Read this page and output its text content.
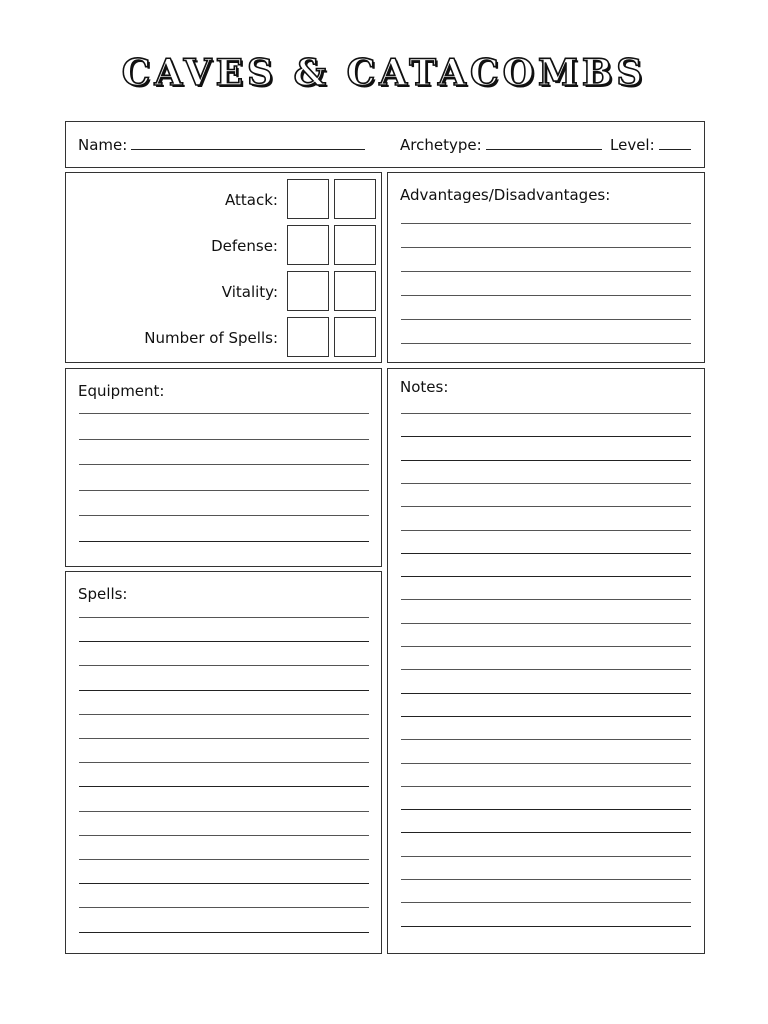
CAVES & CATACOMBS
Name:	Archetype:	Level:
Attack:
Defense:
Vitality:
Number of Spells:
Advantages/Disadvantages:
Equipment:
Spells:
Notes:
